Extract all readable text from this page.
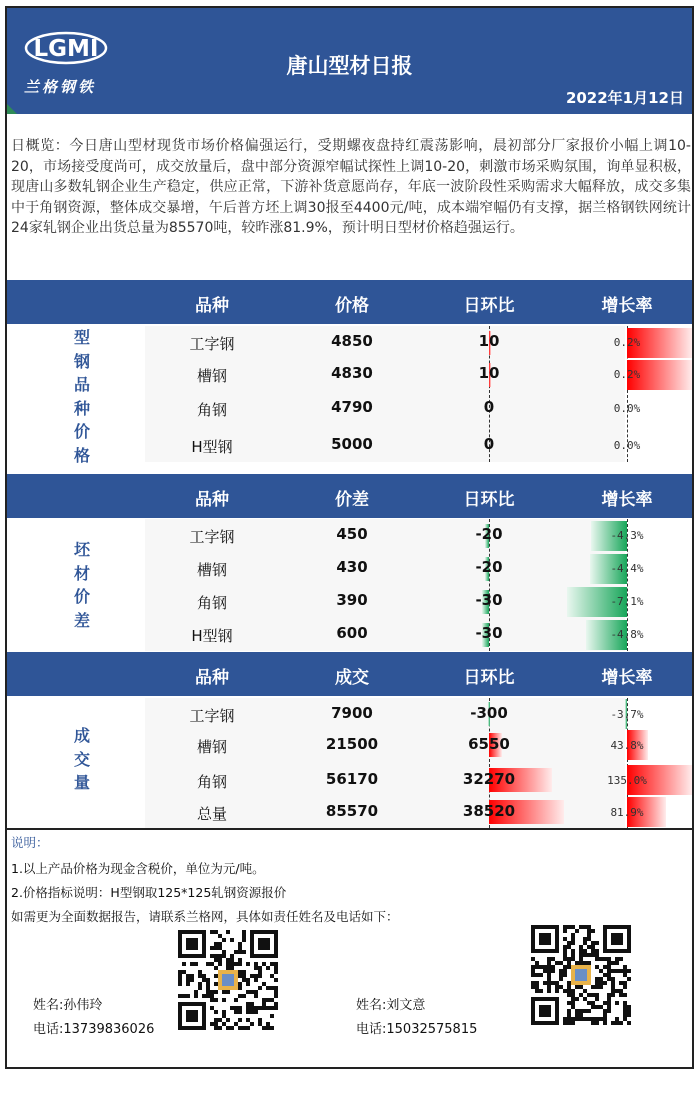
LGMI
兰格钢铁
唐山型材日报
2022年1月12日
日概览：今日唐山型材现货市场价格偏强运行，受期螺夜盘持红震荡影响，晨初部分厂家报价小幅上调10-20，市场接受度尚可，成交放量后，盘中部分资源窄幅试探性上调10-20，刺激市场采购氛围，询单显积极，现唐山多数轧钢企业生产稳定，供应正常，下游补货意愿尚存，年底一波阶段性采购需求大幅释放，成交多集中于角钢资源，整体成交暴增，午后普方坯上调30报至4400元/吨，成本端窄幅仍有支撑，据兰格钢铁网统计24家轧钢企业出货总量为85570吨，较昨涨81.9%，预计明日型材价格趋强运行。
品种	价格	日环比	增长率
型
钢
品
种
价
格
工字钢	4850	10	0.2%
槽钢	4830	10	0.2%
角钢	4790	0	0.0%
H型钢	5000	0	0.0%
品种	价差	日环比	增长率
坯
材
价
差
工字钢	450	-20	-4.3%
槽钢	430	-20	-4.4%
角钢	390	-30	-7.1%
H型钢	600	-30	-4.8%
品种	成交	日环比	增长率
成
交
量
工字钢	7900	-300	-3.7%
槽钢	21500	6550	43.8%
角钢	56170	32270	135.0%
总量	85570	38520	81.9%
说明：
1.以上产品价格为现金含税价，单位为元/吨。
2.价格指标说明：H型钢取125*125轧钢资源报价
如需更为全面数据报告，请联系兰格网，具体如责任姓名及电话如下：
姓名:孙伟玲
电话:13739836026
姓名:刘文意
电话:15032575815
